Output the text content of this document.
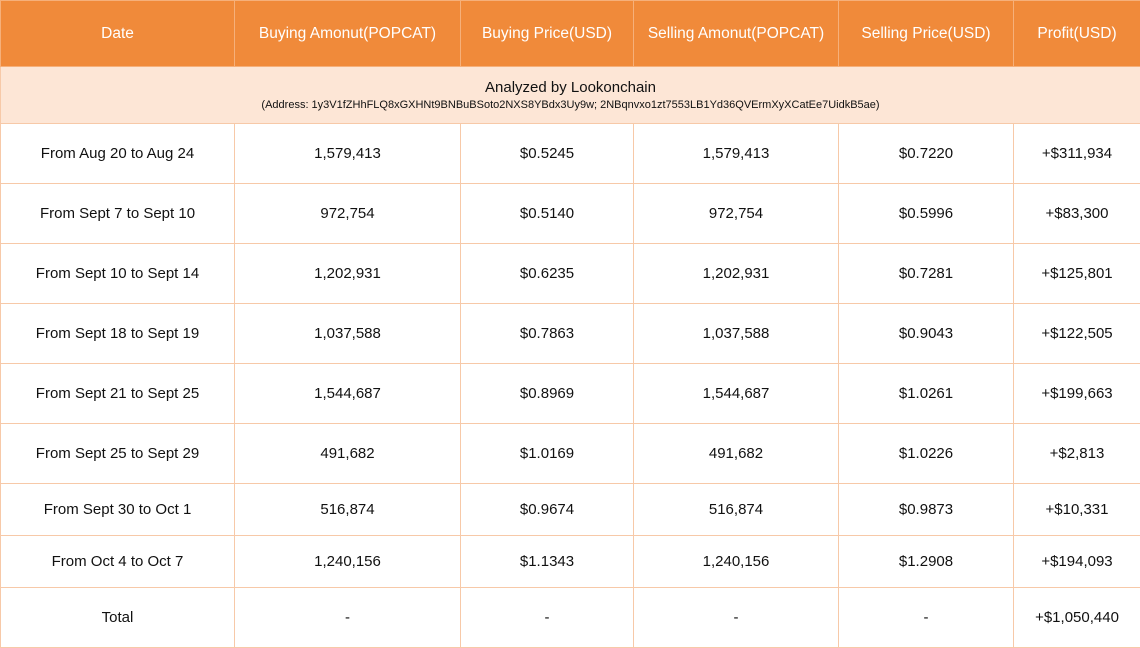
Date	Buying Amonut(POPCAT)	Buying Price(USD)	Selling Amonut(POPCAT)	Selling Price(USD)	Profit(USD)

Analyzed by Lookonchain
(Address: 1y3V1fZHhFLQ8xGXHNt9BNBuBSoto2NXS8YBdx3Uy9w; 2NBqnvxo1zt7553LB1Yd36QVErmXyXCatEe7UidkB5ae)					

From Aug 20 to Aug 24	1,579,413	$0.5245	1,579,413	$0.7220	+$311,934
From Sept 7 to Sept 10	972,754	$0.5140	972,754	$0.5996	+$83,300
From Sept 10 to Sept 14	1,202,931	$0.6235	1,202,931	$0.7281	+$125,801
From Sept 18 to Sept 19	1,037,588	$0.7863	1,037,588	$0.9043	+$122,505
From Sept 21 to Sept 25	1,544,687	$0.8969	1,544,687	$1.0261	+$199,663
From Sept 25 to Sept 29	491,682	$1.0169	491,682	$1.0226	+$2,813
From Sept 30 to Oct 1	516,874	$0.9674	516,874	$0.9873	+$10,331
From Oct 4 to Oct 7	1,240,156	$1.1343	1,240,156	$1.2908	+$194,093
Total	-	-	-	-	+$1,050,440
